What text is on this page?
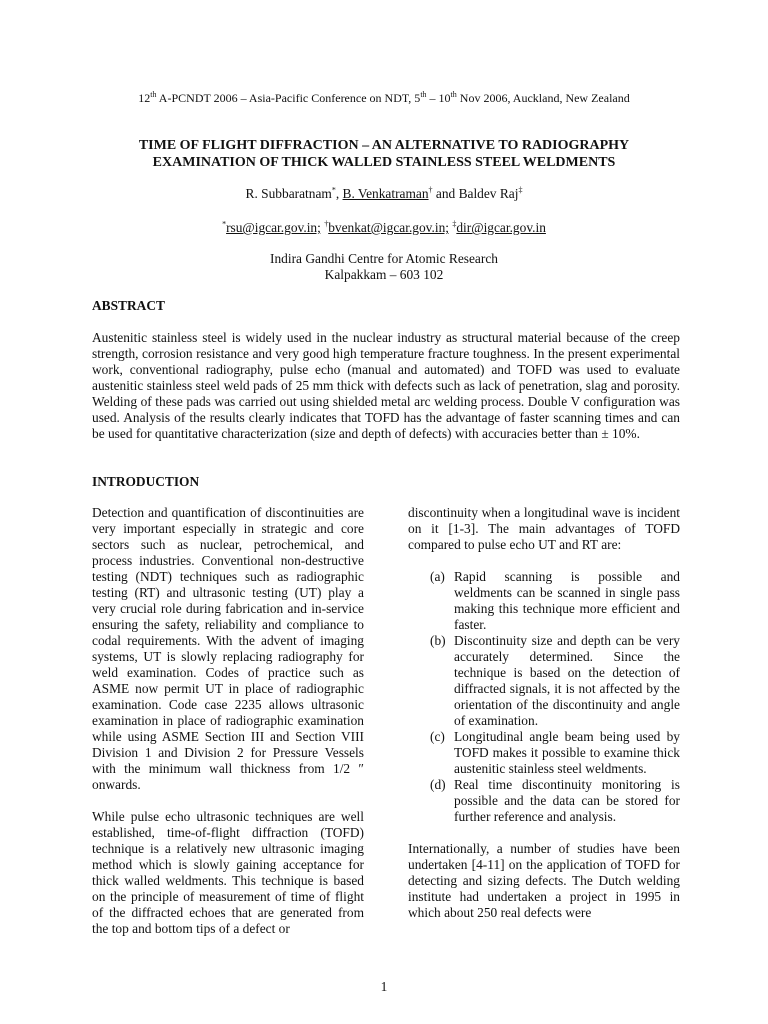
12th A-PCNDT 2006 – Asia-Pacific Conference on NDT, 5th – 10th Nov 2006, Auckland, New Zealand
TIME OF FLIGHT DIFFRACTION – AN ALTERNATIVE TO RADIOGRAPHY
EXAMINATION OF THICK WALLED STAINLESS STEEL WELDMENTS
R. Subbaratnam*, B. Venkatraman† and Baldev Raj‡
*rsu@igcar.gov.in; †bvenkat@igcar.gov.in; ‡dir@igcar.gov.in
Indira Gandhi Centre for Atomic Research
Kalpakkam – 603 102
ABSTRACT
Austenitic stainless steel is widely used in the nuclear industry as structural material because of the creep strength, corrosion resistance and very good high temperature fracture toughness. In the present experimental work, conventional radiography, pulse echo (manual and automated) and TOFD was used to evaluate austenitic stainless steel weld pads of 25 mm thick with defects such as lack of penetration, slag and porosity. Welding of these pads was carried out using shielded metal arc welding process. Double V configuration was used. Analysis of the results clearly indicates that TOFD has the advantage of faster scanning times and can be used for quantitative characterization (size and depth of defects) with accuracies better than ± 10%.
INTRODUCTION

Detection and quantification of discontinuities are very important especially in strategic and core sectors such as nuclear, petrochemical, and process industries. Conventional non-destructive testing (NDT) techniques such as radiographic testing (RT) and ultrasonic testing (UT) play a very crucial role during fabrication and in-service ensuring the safety, reliability and compliance to codal requirements. With the advent of imaging systems, UT is slowly replacing radiography for weld examination. Codes of practice such as ASME now permit UT in place of radiographic examination. Code case 2235 allows ultrasonic examination in place of radiographic examination while using ASME Section III and Section VIII Division 1 and Division 2 for Pressure Vessels with the minimum wall thickness from 1/2 ″ onwards.

While pulse echo ultrasonic techniques are well established, time-of-flight diffraction (TOFD) technique is a relatively new ultrasonic imaging method which is slowly gaining acceptance for thick walled weldments. This technique is based on the principle of measurement of time of flight of the diffracted echoes that are generated from the top and bottom tips of a defect or

discontinuity when a longitudinal wave is incident on it [1-3]. The main advantages of TOFD compared to pulse echo UT and RT are:

(a) Rapid scanning is possible and weldments can be scanned in single pass making this technique more efficient and faster.
(b) Discontinuity size and depth can be very accurately determined. Since the technique is based on the detection of diffracted signals, it is not affected by the orientation of the discontinuity and angle of examination.
(c) Longitudinal angle beam being used by TOFD makes it possible to examine thick austenitic stainless steel weldments.
(d) Real time discontinuity monitoring is possible and the data can be stored for further reference and analysis.

Internationally, a number of studies have been undertaken [4-11] on the application of TOFD for detecting and sizing defects. The Dutch welding institute had undertaken a project in 1995 in which about 250 real defects were

1
